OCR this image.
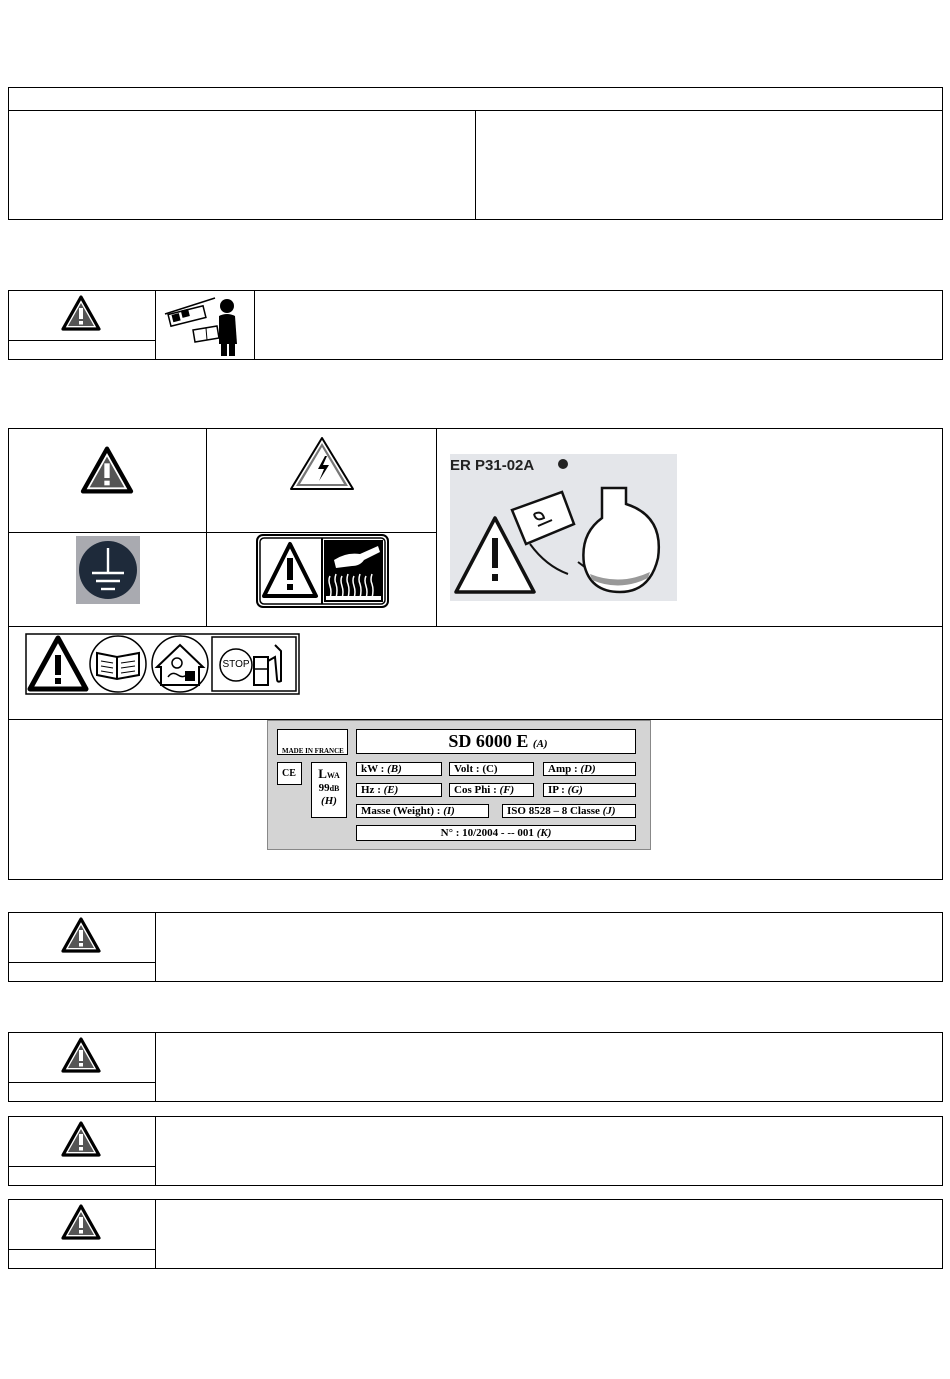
ER P31-02A
STOP
MADE IN FRANCE
CE	LWA
99dB
(H)
SD 6000 E (A)
kW : (B)	Volt : (C)	Amp : (D)
Hz : (E)	Cos Phi : (F)	IP : (G)
Masse (Weight) : (I)	ISO 8528 – 8 Classe (J)
N° : 10/2004 - -- 001 (K)
